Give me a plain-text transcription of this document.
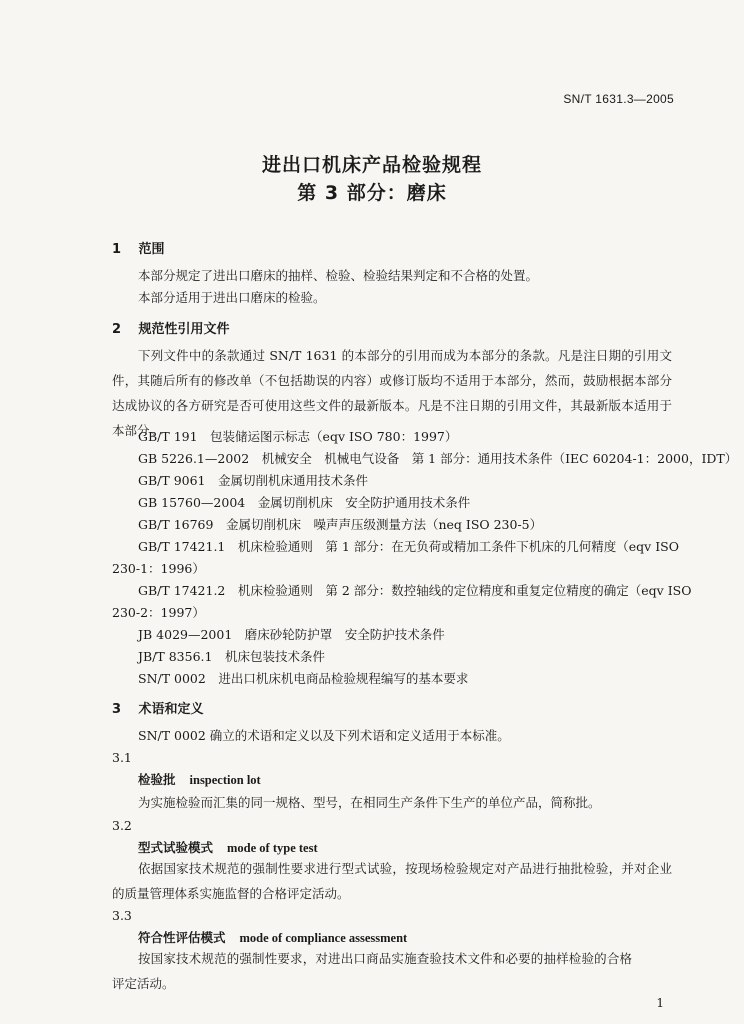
SN/T 1631.3—2005
进出口机床产品检验规程
第 3 部分：磨床
1 范围
本部分规定了进出口磨床的抽样、检验、检验结果判定和不合格的处置。
本部分适用于进出口磨床的检验。
2 规范性引用文件
下列文件中的条款通过 SN/T 1631 的本部分的引用而成为本部分的条款。凡是注日期的引用文件，其随后所有的修改单（不包括勘误的内容）或修订版均不适用于本部分，然而，鼓励根据本部分达成协议的各方研究是否可使用这些文件的最新版本。凡是不注日期的引用文件，其最新版本适用于本部分。
GB/T 191　包装储运图示标志（eqv ISO 780：1997）
GB 5226.1—2002　机械安全　机械电气设备　第 1 部分：通用技术条件（IEC 60204-1：2000，IDT）
GB/T 9061　金属切削机床通用技术条件
GB 15760—2004　金属切削机床　安全防护通用技术条件
GB/T 16769　金属切削机床　噪声声压级测量方法（neq ISO 230-5）
GB/T 17421.1　机床检验通则　第 1 部分：在无负荷或精加工条件下机床的几何精度（eqv ISO
230-1：1996）
GB/T 17421.2　机床检验通则　第 2 部分：数控轴线的定位精度和重复定位精度的确定（eqv ISO
230-2：1997）
JB 4029—2001　磨床砂轮防护罩　安全防护技术条件
JB/T 8356.1　机床包装技术条件
SN/T 0002　进出口机床机电商品检验规程编写的基本要求
3 术语和定义
SN/T 0002 确立的术语和定义以及下列术语和定义适用于本标准。
3.1
检验批 inspection lot
为实施检验而汇集的同一规格、型号，在相同生产条件下生产的单位产品，简称批。
3.2
型式试验模式 mode of type test
依据国家技术规范的强制性要求进行型式试验，按现场检验规定对产品进行抽批检验，并对企业的质量管理体系实施监督的合格评定活动。
3.3
符合性评估模式 mode of compliance assessment
按国家技术规范的强制性要求，对进出口商品实施查验技术文件和必要的抽样检验的合格评定活动。
1
